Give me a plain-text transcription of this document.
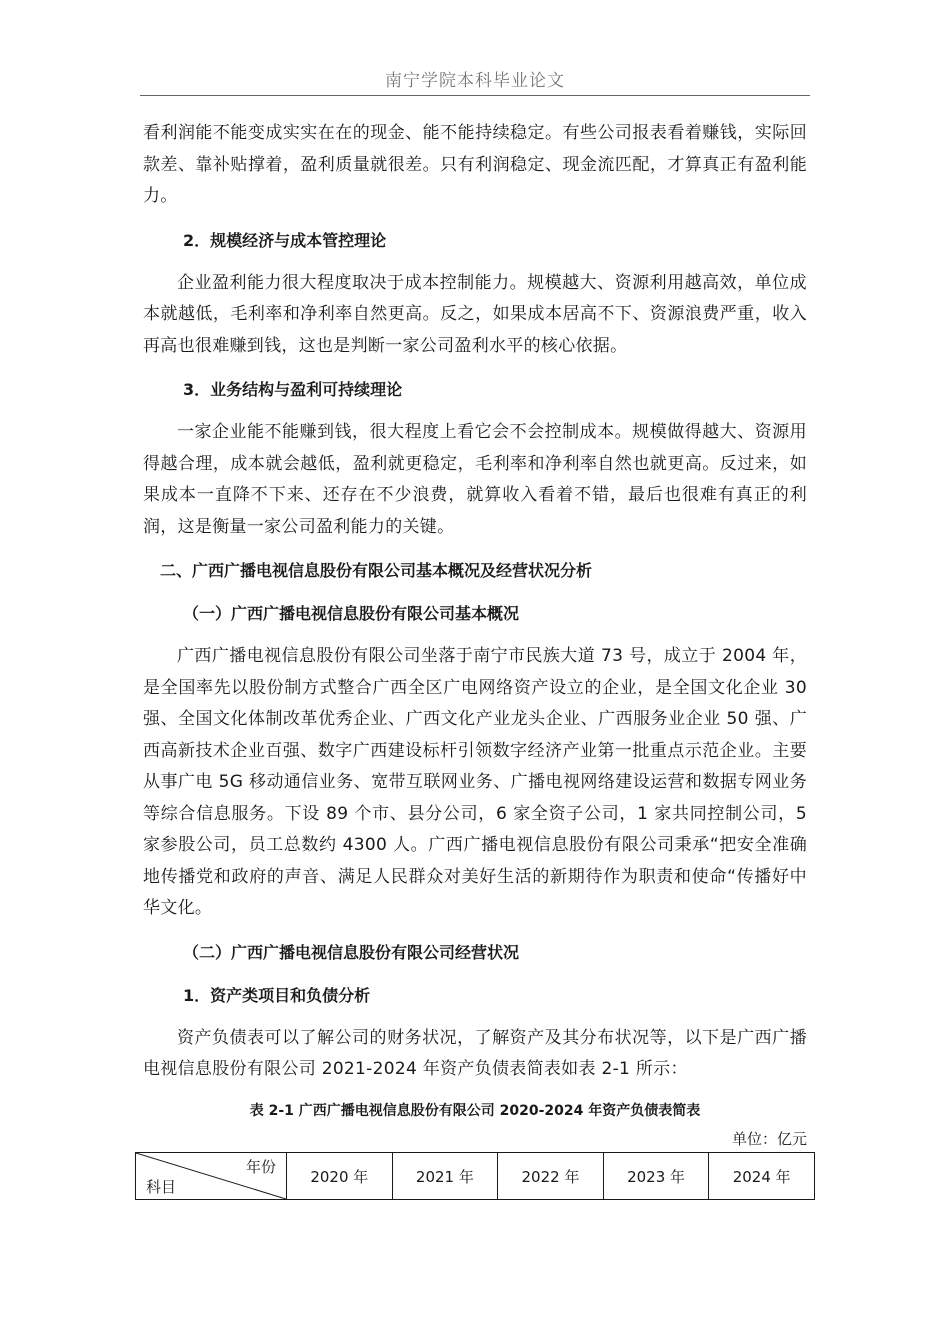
南宁学院本科毕业论文

看利润能不能变成实实在在的现金、能不能持续稳定。有些公司报表看着赚钱，实际回款差、靠补贴撑着，盈利质量就很差。只有利润稳定、现金流匹配，才算真正有盈利能力。

2．规模经济与成本管控理论

企业盈利能力很大程度取决于成本控制能力。规模越大、资源利用越高效，单位成本就越低，毛利率和净利率自然更高。反之，如果成本居高不下、资源浪费严重，收入再高也很难赚到钱，这也是判断一家公司盈利水平的核心依据。

3．业务结构与盈利可持续理论

一家企业能不能赚到钱，很大程度上看它会不会控制成本。规模做得越大、资源用得越合理，成本就会越低，盈利就更稳定，毛利率和净利率自然也就更高。反过来，如果成本一直降不下来、还存在不少浪费，就算收入看着不错，最后也很难有真正的利润，这是衡量一家公司盈利能力的关键。

二、广西广播电视信息股份有限公司基本概况及经营状况分析

（一）广西广播电视信息股份有限公司基本概况

广西广播电视信息股份有限公司坐落于南宁市民族大道 73 号，成立于 2004 年，是全国率先以股份制方式整合广西全区广电网络资产设立的企业，是全国文化企业 30 强、全国文化体制改革优秀企业、广西文化产业龙头企业、广西服务业企业 50 强、广西高新技术企业百强、数字广西建设标杆引领数字经济产业第一批重点示范企业。主要从事广电 5G 移动通信业务、宽带互联网业务、广播电视网络建设运营和数据专网业务等综合信息服务。下设 89 个市、县分公司，6 家全资子公司，1 家共同控制公司，5 家参股公司，员工总数约 4300 人。广西广播电视信息股份有限公司秉承“把安全准确地传播党和政府的声音、满足人民群众对美好生活的新期待作为职责和使命“传播好中华文化。

（二）广西广播电视信息股份有限公司经营状况

1．资产类项目和负债分析

资产负债表可以了解公司的财务状况，了解资产及其分布状况等，以下是广西广播电视信息股份有限公司 2021-2024 年资产负债表简表如表 2-1 所示：

表 2-1 广西广播电视信息股份有限公司 2020-2024 年资产负债表简表
单位：亿元
年份
科目
	2020 年	2021 年	2022 年	2023 年	2024 年
